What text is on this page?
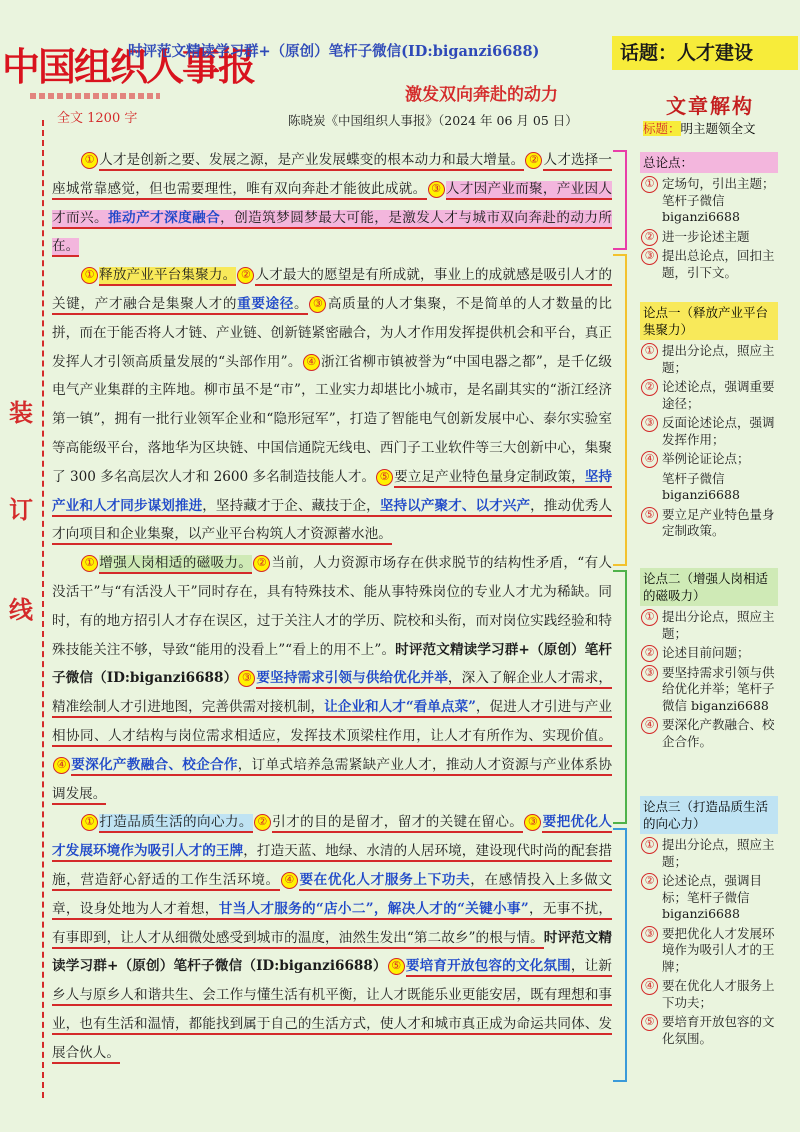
中国组织人事报
时评范文精读学习群+（原创）笔杆子微信(ID:biganzi6688)	话题：人才建设
激发双向奔赴的动力
全文 1200 字	陈晓炭《中国组织人事报》（2024 年 06 月 05 日）
装
订
线

① 人才是创新之要、发展之源，是产业发展蝶变的根本动力和最大增量。 ② 人才选择一座城常靠感觉，但也需要理性，唯有双向奔赴才能彼此成就。 ③ 人才因产业而聚，产业因人才而兴。推动产才深度融合，创造筑梦圆梦最大可能，是激发人才与城市双向奔赴的动力所在。

① 释放产业平台集聚力。 ② 人才最大的愿望是有所成就，事业上的成就感是吸引人才的关键，产才融合是集聚人才的重要途径。 ③ 高质量的人才集聚，不是简单的人才数量的比拼，而在于能否将人才链、产业链、创新链紧密融合，为人才作用发挥提供机会和平台，真正发挥人才引领高质量发展的“头部作用”。 ④ 浙江省柳市镇被誉为“中国电器之都”，是千亿级电气产业集群的主阵地。柳市虽不是“市”，工业实力却堪比小城市，是名副其实的“浙江经济第一镇”，拥有一批行业领军企业和“隐形冠军”，打造了智能电气创新发展中心、泰尔实验室等高能级平台，落地华为区块链、中国信通院无线电、西门子工业软件等三大创新中心，集聚了 300 多名高层次人才和 2600 多名制造技能人才。 ⑤ 要立足产业特色量身定制政策，坚持产业和人才同步谋划推进，坚持藏才于企、藏技于企，坚持以产聚才、以才兴产，推动优秀人才向项目和企业集聚，以产业平台构筑人才资源蓄水池。

① 增强人岗相适的磁吸力。 ② 当前，人力资源市场存在供求脱节的结构性矛盾，“有人没活干”与“有活没人干”同时存在，具有特殊技术、能从事特殊岗位的专业人才尤为稀缺。同时，有的地方招引人才存在误区，过于关注人才的学历、院校和头衔，而对岗位实践经验和特殊技能关注不够，导致“能用的没看上”“看上的用不上”。时评范文精读学习群+（原创）笔杆子微信（ID:biganzi6688） ③ 要坚持需求引领与供给优化并举，深入了解企业人才需求，精准绘制人才引进地图，完善供需对接机制，让企业和人才“看单点菜”，促进人才引进与产业相协同、人才结构与岗位需求相适应，发挥技术顶梁柱作用，让人才有所作为、实现价值。④ 要深化产教融合、校企合作，订单式培养急需紧缺产业人才，推动人才资源与产业体系协调发展。

① 打造品质生活的向心力。 ② 引才的目的是留才，留才的关键在留心。 ③ 要把优化人才发展环境作为吸引人才的王牌，打造天蓝、地绿、水清的人居环境，建设现代时尚的配套措施，营造舒心舒适的工作生活环境。 ④ 要在优化人才服务上下功夫，在感情投入上多做文章，设身处地为人才着想，甘当人才服务的“店小二”，解决人才的“关键小事”，无事不扰，有事即到，让人才从细微处感受到城市的温度，油然生发出“第二故乡”的根与情。时评范文精读学习群+（原创）笔杆子微信（ID:biganzi6688） ⑤ 要培育开放包容的文化氛围，让新乡人与原乡人和谐共生、会工作与懂生活有机平衡，让人才既能乐业更能安居，既有理想和事业，也有生活和温情，都能找到属于自己的生活方式，使人才和城市真正成为命运共同体、发展合伙人。

文章解构
标题：明主题领全文
总论点：
① 定场句，引出主题；笔杆子微信 biganzi6688
② 进一步论述主题
③ 提出总论点，回扣主题，引下文。
论点一（释放产业平台集聚力）
① 提出分论点，照应主题；
② 论述论点，强调重要途径；
③ 反面论述论点，强调发挥作用；
④ 举例论证论点；
笔杆子微信 biganzi6688
⑤ 要立足产业特色量身定制政策。
论点二（增强人岗相适的磁吸力）
① 提出分论点，照应主题；
② 论述目前问题；
③ 要坚持需求引领与供给优化并举；笔杆子微信 biganzi6688
④ 要深化产教融合、校企合作。
论点三（打造品质生活的向心力）
① 提出分论点，照应主题；
② 论述论点，强调目标；笔杆子微信 biganzi6688
③ 要把优化人才发展环境作为吸引人才的王牌；
④ 要在优化人才服务上下功夫；
⑤ 要培育开放包容的文化氛围。
